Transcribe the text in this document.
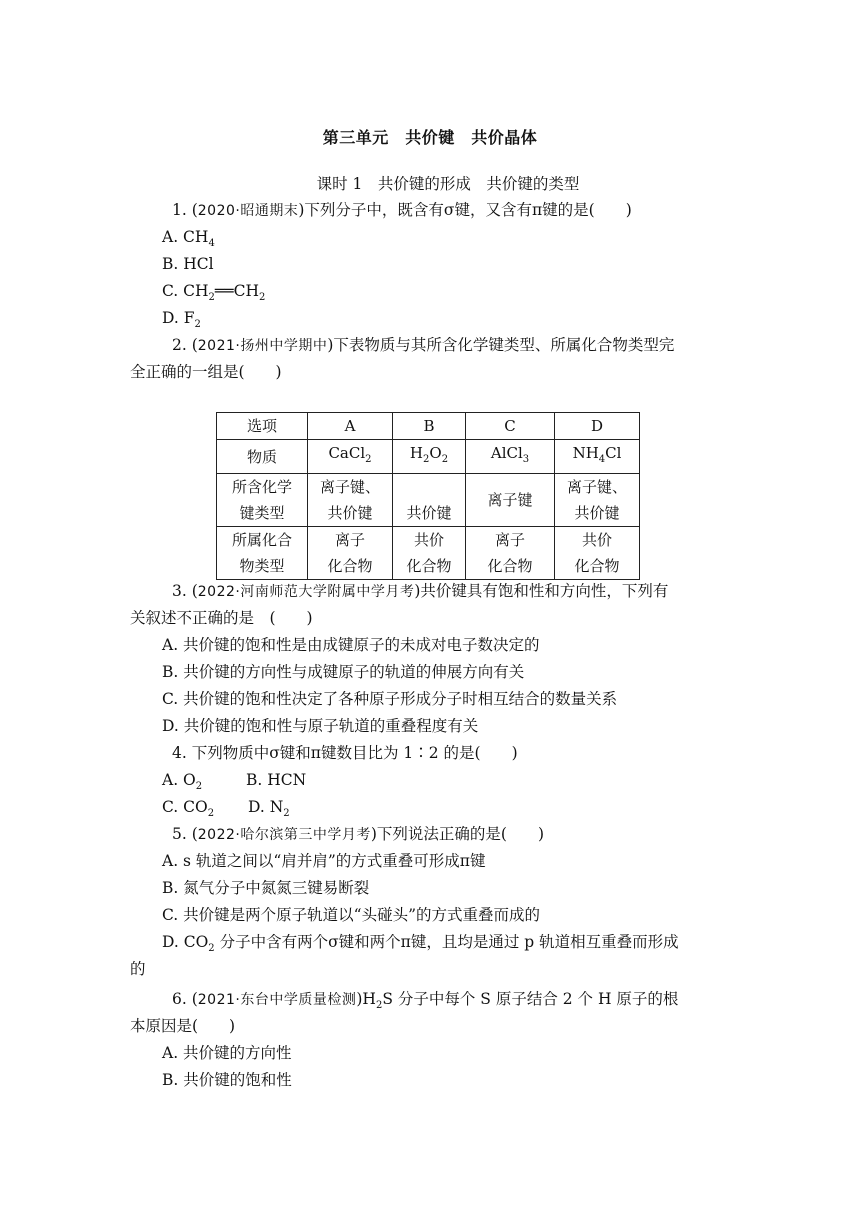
第三单元　共价键　共价晶体
课时 1　共价键的形成　共价键的类型
1. (2020·昭通期末)下列分子中，既含有σ键，又含有π键的是(　　)
A. $CH_4$
B. HCl
C. $CH_2══CH_2$
D. $F_2$
2. (2021·扬州中学期中)下表物质与其所含化学键类型、所属化合物类型完
全正确的一组是(　　)
选项	A	B	C	D
物质	CaCl$_2$	$H_2O_2$	AlCl$_3$	$NH_4Cl$

所含化学
键类型	离子键、
共价键	共价键	离子键	离子键、
共价键

所属化合
物类型	离子
化合物	共价
化合物	离子
化合物	共价
化合物
3. (2022·河南师范大学附属中学月考)共价键具有饱和性和方向性，下列有
关叙述不正确的是　(　　)
A. 共价键的饱和性是由成键原子的未成对电子数决定的
B. 共价键的方向性与成键原子的轨道的伸展方向有关
C. 共价键的饱和性决定了各种原子形成分子时相互结合的数量关系
D. 共价键的饱和性与原子轨道的重叠程度有关
4. 下列物质中σ键和π键数目比为 1∶2 的是(　　)
A. $O_2$	B. HCN
C. $CO_2$ D. $N_2$
5. (2022·哈尔滨第三中学月考)下列说法正确的是(　　)
A. s 轨道之间以“肩并肩”的方式重叠可形成π键
B. 氮气分子中氮氮三键易断裂
C. 共价键是两个原子轨道以“头碰头”的方式重叠而成的
D. $CO_2$ 分子中含有两个σ键和两个π键，且均是通过 p 轨道相互重叠而形成
的
6. (2021·东台中学质量检测)$H_2S$ 分子中每个 S 原子结合 2 个 H 原子的根
本原因是(　　)
A. 共价键的方向性
B. 共价键的饱和性
